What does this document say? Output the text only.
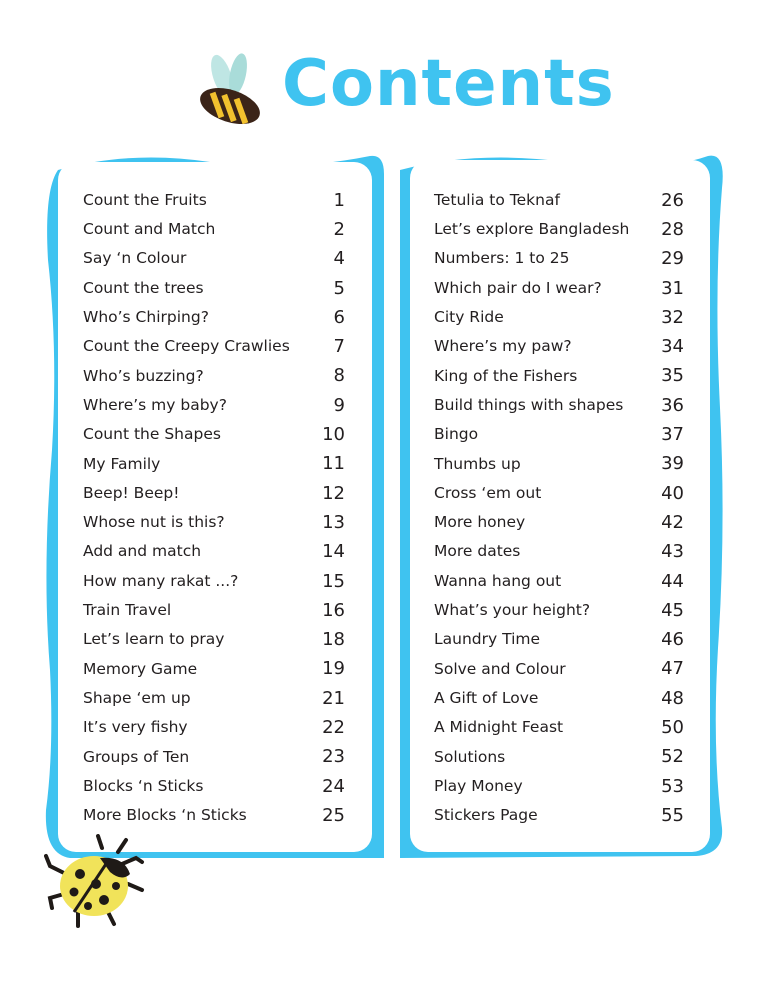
Contents
Count the Fruits	1
Count and Match	2
Say ‘n Colour	4
Count the trees	5
Who’s Chirping?	6
Count the Creepy Crawlies	7
Who’s buzzing?	8
Where’s my baby?	9
Count the Shapes	10
My Family	11
Beep! Beep!	12
Whose nut is this?	13
Add and match	14
How many rakat ...?	15
Train Travel	16
Let’s learn to pray	18
Memory Game	19
Shape ‘em up	21
It’s very fishy	22
Groups of Ten	23
Blocks ‘n Sticks	24
More Blocks ‘n Sticks	25
Tetulia to Teknaf	26
Let’s explore Bangladesh	28
Numbers: 1 to 25	29
Which pair do I wear?	31
City Ride	32
Where’s my paw?	34
King of the Fishers	35
Build things with shapes	36
Bingo	37
Thumbs up	39
Cross ‘em out	40
More honey	42
More dates	43
Wanna hang out	44
What’s your height?	45
Laundry Time	46
Solve and Colour	47
A Gift of Love	48
A Midnight Feast	50
Solutions	52
Play Money	53
Stickers Page	55
